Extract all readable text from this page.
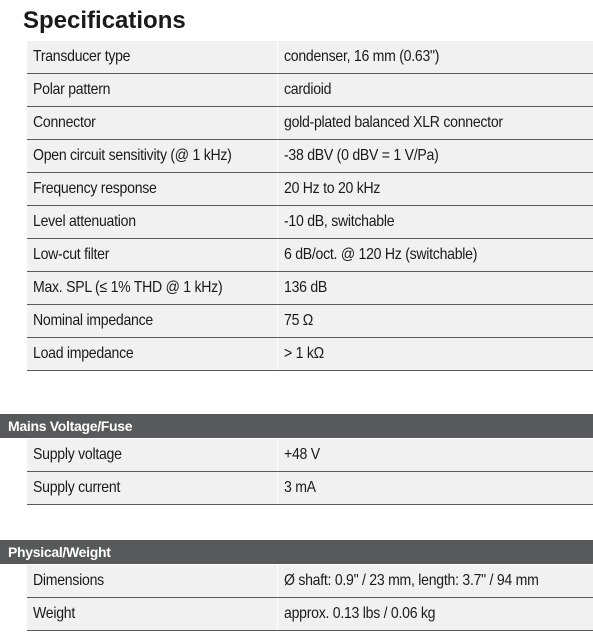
Specifications
Transducer type	condenser, 16 mm (0.63")
Polar pattern	cardioid
Connector	gold-plated balanced XLR connector
Open circuit sensitivity (@ 1 kHz)	-38 dBV (0 dBV = 1 V/Pa)
Frequency response	20 Hz to 20 kHz
Level attenuation	-10 dB, switchable
Low-cut filter	6 dB/oct. @ 120 Hz (switchable)
Max. SPL (≤ 1% THD @ 1 kHz)	136 dB
Nominal impedance	75 Ω
Load impedance	> 1 kΩ
Mains Voltage/Fuse
Supply voltage	+48 V
Supply current	3 mA
Physical/Weight
Dimensions	Ø shaft: 0.9" / 23 mm, length: 3.7" / 94 mm
Weight	approx. 0.13 lbs / 0.06 kg
